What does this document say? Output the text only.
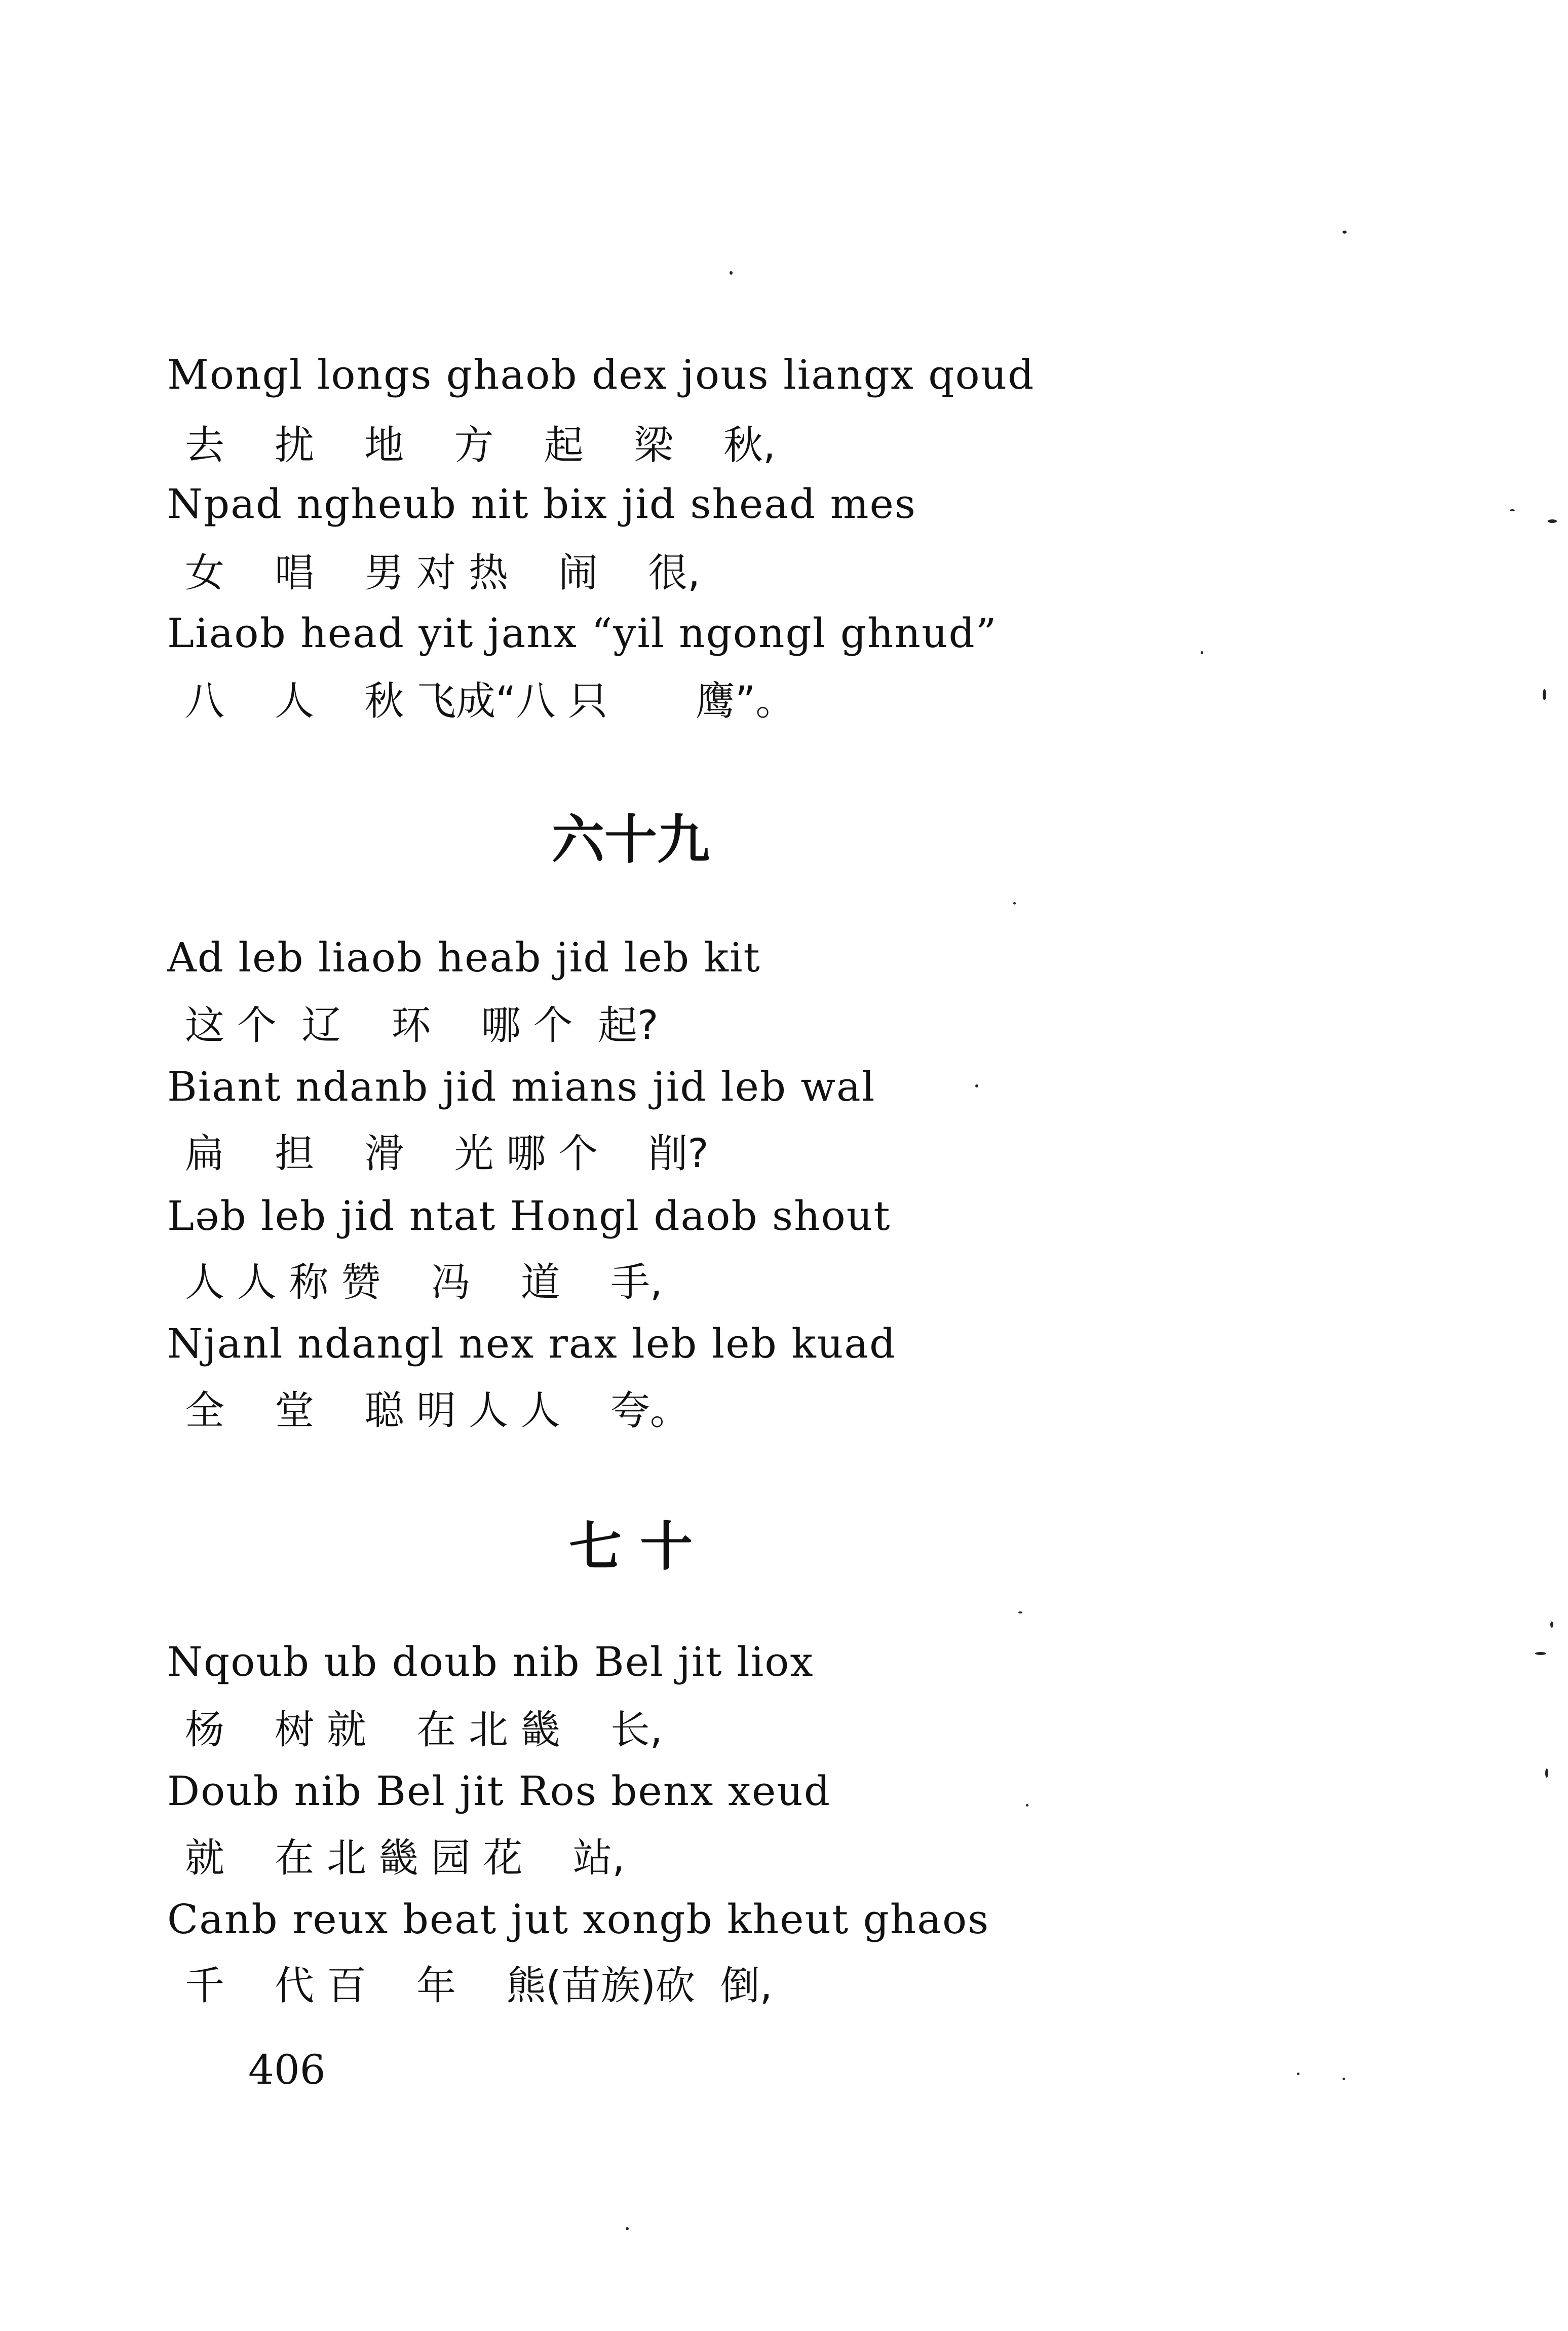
Mongl longs ghaob dex jous liangx qoud
去    扰    地    方    起    梁    秋,
Npad ngheub nit bix jid shead mes
女    唱    男 对 热    闹    很,
Liaob head yit janx “yil ngongl ghnud”
八    人    秋 飞成“八 只       鹰”。
六十九
Ad leb liaob heab jid leb kit
这 个  辽    环    哪 个  起?
Biant ndanb jid mians jid leb wal
扁    担    滑    光 哪 个    削?
Ləb leb jid ntat Hongl daob shout
人 人 称 赞    冯    道    手,
Njanl ndangl nex rax leb leb kuad
全    堂    聪 明 人 人    夸。
七 十
Nqoub ub doub nib Bel jit liox
杨    树 就    在 北 畿    长,
Doub nib Bel jit Ros benx xeud
就    在 北 畿 园 花    站,
Canb reux beat jut xongb kheut ghaos
千    代 百    年    熊(苗族)砍  倒,
406
